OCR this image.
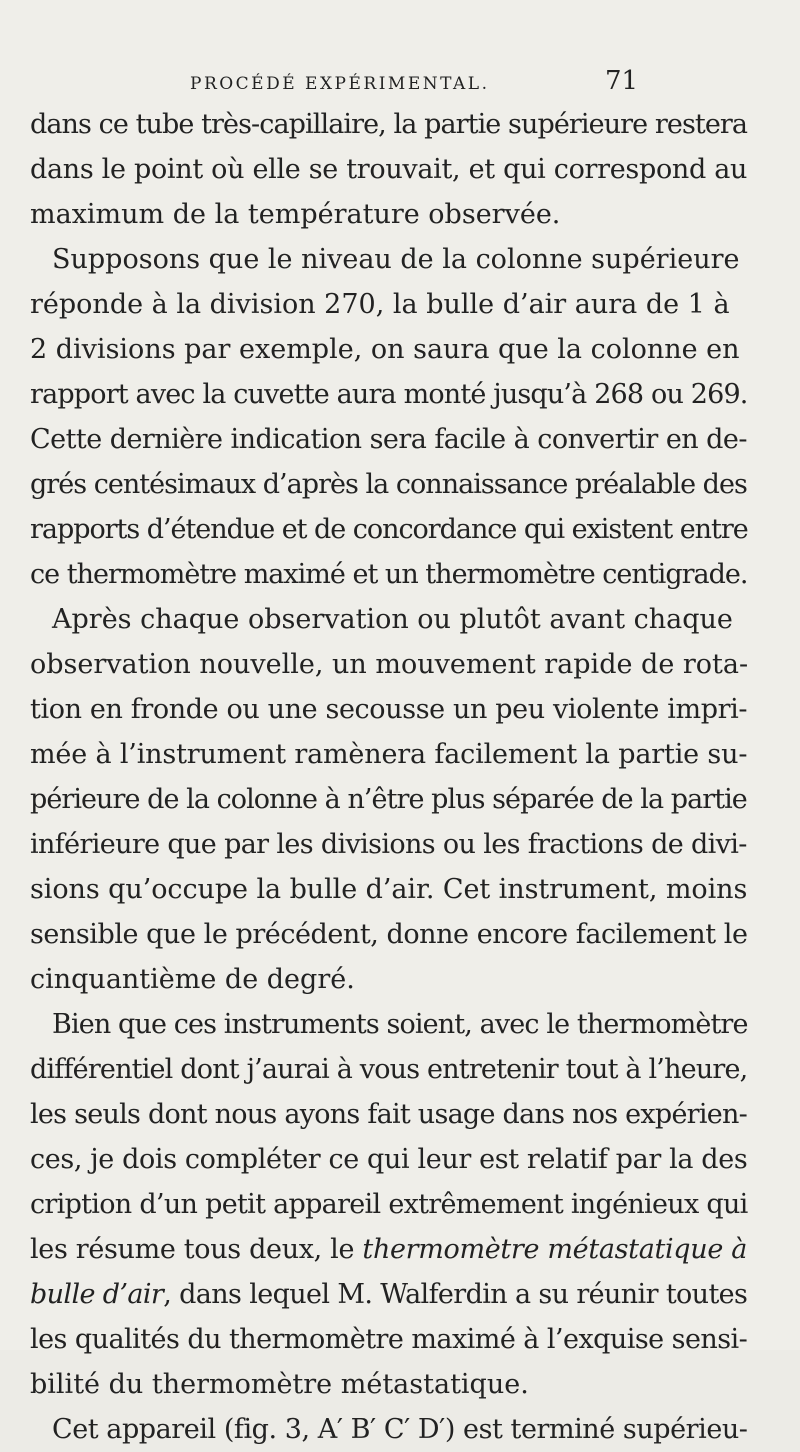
PROCÉDÉ EXPÉRIMENTAL.	71
dans ce tube très-capillaire, la partie supérieure restera
dans le point où elle se trouvait, et qui correspond au
maximum de la température observée.
Supposons que le niveau de la colonne supérieure
réponde à la division 270, la bulle d’air aura de 1 à
2 divisions par exemple, on saura que la colonne en
rapport avec la cuvette aura monté jusqu’à 268 ou 269.
Cette dernière indication sera facile à convertir en de-
grés centésimaux d’après la connaissance préalable des
rapports d’étendue et de concordance qui existent entre
ce thermomètre maximé et un thermomètre centigrade.
Après chaque observation ou plutôt avant chaque
observation nouvelle, un mouvement rapide de rota-
tion en fronde ou une secousse un peu violente impri-
mée à l’instrument ramènera facilement la partie su-
périeure de la colonne à n’être plus séparée de la partie
inférieure que par les divisions ou les fractions de divi-
sions qu’occupe la bulle d’air. Cet instrument, moins
sensible que le précédent, donne encore facilement le
cinquantième de degré.
Bien que ces instruments soient, avec le thermomètre
différentiel dont j’aurai à vous entretenir tout à l’heure,
les seuls dont nous ayons fait usage dans nos expérien-
ces, je dois compléter ce qui leur est relatif par la des
cription d’un petit appareil extrêmement ingénieux qui
les résume tous deux, le thermomètre métastatique à
bulle d’air, dans lequel M. Walferdin a su réunir toutes
les qualités du thermomètre maximé à l’exquise sensi-
bilité du thermomètre métastatique.
Cet appareil (fig. 3, A′ B′ C′ D′) est terminé supérieu-
